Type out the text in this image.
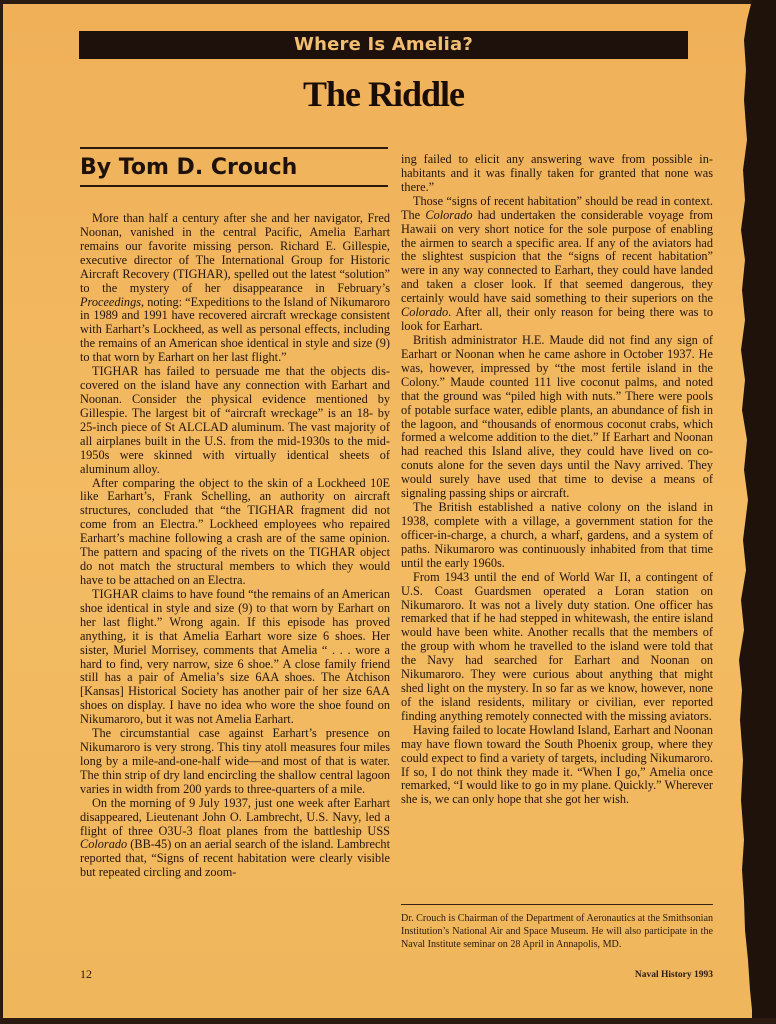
Where Is Amelia?
The Riddle
By Tom D. Crouch

More than half a century after she and her navigator, Fred Noonan, vanished in the central Pacific, Amelia Earhart remains our favorite missing person. Richard E. Gillespie, executive director of The International Group for Historic Aircraft Recovery (TIGHAR), spelled out the latest “solution” to the mystery of her disappearance in February’s Proceedings, noting: “Expeditions to the Island of Nikumaroro in 1989 and 1991 have recovered aircraft wreckage consistent with Earhart’s Lockheed, as well as personal effects, including the remains of an American shoe identical in style and size (9) to that worn by Earhart on her last flight.”

TIGHAR has failed to persuade me that the objects discovered on the island have any connection with Earhart and Noonan. Consider the physical evidence mentioned by Gillespie. The largest bit of “aircraft wreckage” is an 18- by 25-inch piece of St ALCLAD aluminum. The vast majority of all airplanes built in the U.S. from the mid-1930s to the mid-1950s were skinned with virtually identical sheets of aluminum alloy.

After comparing the object to the skin of a Lockheed 10E like Earhart’s, Frank Schelling, an authority on aircraft structures, concluded that “the TIGHAR fragment did not come from an Electra.” Lockheed employees who repaired Earhart’s machine following a crash are of the same opinion. The pattern and spacing of the rivets on the TIGHAR object do not match the structural members to which they would have to be attached on an Electra.

TIGHAR claims to have found “the remains of an American shoe identical in style and size (9) to that worn by Earhart on her last flight.” Wrong again. If this episode has proved anything, it is that Amelia Earhart wore size 6 shoes. Her sister, Muriel Morrisey, comments that Amelia “ . . . wore a hard to find, very narrow, size 6 shoe.” A close family friend still has a pair of Amelia’s size 6AA shoes. The Atchison [Kansas] Historical Society has another pair of her size 6AA shoes on display. I have no idea who wore the shoe found on Nikumaroro, but it was not Amelia Earhart.

The circumstantial case against Earhart’s presence on Nikumaroro is very strong. This tiny atoll measures four miles long by a mile-and-one-half wide—and most of that is water. The thin strip of dry land encircling the shallow central lagoon varies in width from 200 yards to three-quarters of a mile.

On the morning of 9 July 1937, just one week after Earhart disappeared, Lieutenant John O. Lambrecht, U.S. Navy, led a flight of three O3U-3 float planes from the battleship USS Colorado (BB-45) on an aerial search of the island. Lambrecht reported that, “Signs of recent habitation were clearly visible but repeated circling and zoom-

ing failed to elicit any answering wave from possible inhabitants and it was finally taken for granted that none was there.”

Those “signs of recent habitation” should be read in context. The Colorado had undertaken the considerable voyage from Hawaii on very short notice for the sole purpose of enabling the airmen to search a specific area. If any of the aviators had the slightest suspicion that the “signs of recent habitation” were in any way connected to Earhart, they could have landed and taken a closer look. If that seemed dangerous, they certainly would have said something to their superiors on the Colorado. After all, their only reason for being there was to look for Earhart.

British administrator H.E. Maude did not find any sign of Earhart or Noonan when he came ashore in October 1937. He was, however, impressed by “the most fertile island in the Colony.” Maude counted 111 live coconut palms, and noted that the ground was “piled high with nuts.” There were pools of potable surface water, edible plants, an abundance of fish in the lagoon, and “thousands of enormous coconut crabs, which formed a welcome addition to the diet.” If Earhart and Noonan had reached this Island alive, they could have lived on coconuts alone for the seven days until the Navy arrived. They would surely have used that time to devise a means of signaling passing ships or aircraft.

The British established a native colony on the island in 1938, complete with a village, a government station for the officer-in-charge, a church, a wharf, gardens, and a system of paths. Nikumaroro was continuously inhabited from that time until the early 1960s.

From 1943 until the end of World War II, a contingent of U.S. Coast Guardsmen operated a Loran station on Nikumaroro. It was not a lively duty station. One officer has remarked that if he had stepped in whitewash, the entire island would have been white. Another recalls that the members of the group with whom he travelled to the island were told that the Navy had searched for Earhart and Noonan on Nikumaroro. They were curious about anything that might shed light on the mystery. In so far as we know, however, none of the island residents, military or civilian, ever reported finding anything remotely connected with the missing aviators.

Having failed to locate Howland Island, Earhart and Noonan may have flown toward the South Phoenix group, where they could expect to find a variety of targets, including Nikumaroro. If so, I do not think they made it. “When I go,” Amelia once remarked, “I would like to go in my plane. Quickly.” Wherever she is, we can only hope that she got her wish.

Dr. Crouch is Chairman of the Department of Aeronautics at the Smithsonian Institution’s National Air and Space Museum. He will also participate in the Naval Institute seminar on 28 April in Annapolis, MD.
12	Naval History 1993
